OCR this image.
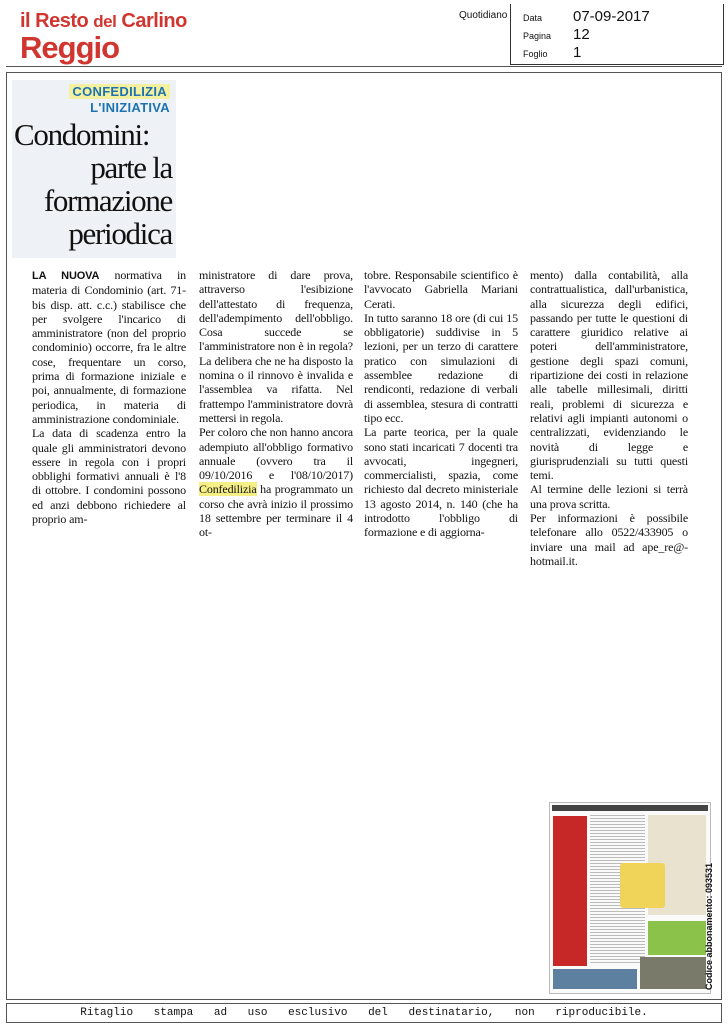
il Resto del Carlino
Reggio
Quotidiano Data 07-09-2017
Pagina 12
Foglio 1
CONFEDILIZIA
L'INIZIATIVA
Condomini:
parte la
formazione
periodica

LA NUOVA normativa in materia di Condominio (art. 71-bis disp. att. c.c.) stabilisce che per svolgere l'incarico di amministratore (non del proprio condominio) occorre, fra le altre cose, frequentare un corso, prima di formazione iniziale e poi, annualmente, di formazione periodica, in materia di amministrazione condominiale.

La data di scadenza entro la quale gli amministratori devono essere in regola con i propri obblighi formativi annuali è l'8 di ottobre. I condomini possono ed anzi debbono richiedere al proprio am-

ministratore di dare prova, attraverso l'esibizione dell'attestato di frequenza, dell'adempimento dell'obbligo. Cosa succede se l'amministratore non è in regola? La delibera che ne ha disposto la nomina o il rinnovo è invalida e l'assemblea va rifatta. Nel frattempo l'amministratore dovrà mettersi in regola.

Per coloro che non hanno ancora adempiuto all'obbligo formativo annuale (ovvero tra il 09/10/2016 e l'08/10/2017) Confedilizia ha programmato un corso che avrà inizio il prossimo 18 settembre per terminare il 4 ot-

tobre. Responsabile scientifico è l'avvocato Gabriella Mariani Cerati.

In tutto saranno 18 ore (di cui 15 obbligatorie) suddivise in 5 lezioni, per un terzo di carattere pratico con simulazioni di assemblee redazione di rendiconti, redazione di verbali di assemblea, stesura di contratti tipo ecc.

La parte teorica, per la quale sono stati incaricati 7 docenti tra avvocati, ingegneri, commercialisti, spazia, come richiesto dal decreto ministeriale 13 agosto 2014, n. 140 (che ha introdotto l'obbligo di formazione e di aggiorna-

mento) dalla contabilità, alla contrattualistica, dall'urbanistica, alla sicurezza degli edifici, passando per tutte le questioni di carattere giuridico relative ai poteri dell'amministratore, gestione degli spazi comuni, ripartizione dei costi in relazione alle tabelle millesimali, diritti reali, problemi di sicurezza e relativi agli impianti autonomi o centralizzati, evidenziando le novità di legge e giurisprudenziali su tutti questi temi.

Al termine delle lezioni si terrà una prova scritta.

Per informazioni è possibile telefonare allo 0522/433905 o inviare una mail ad ape_re@-hotmail.it.

Codice abbonamento: 093531
Ritaglio stampa ad uso esclusivo del destinatario, non riproducibile.
